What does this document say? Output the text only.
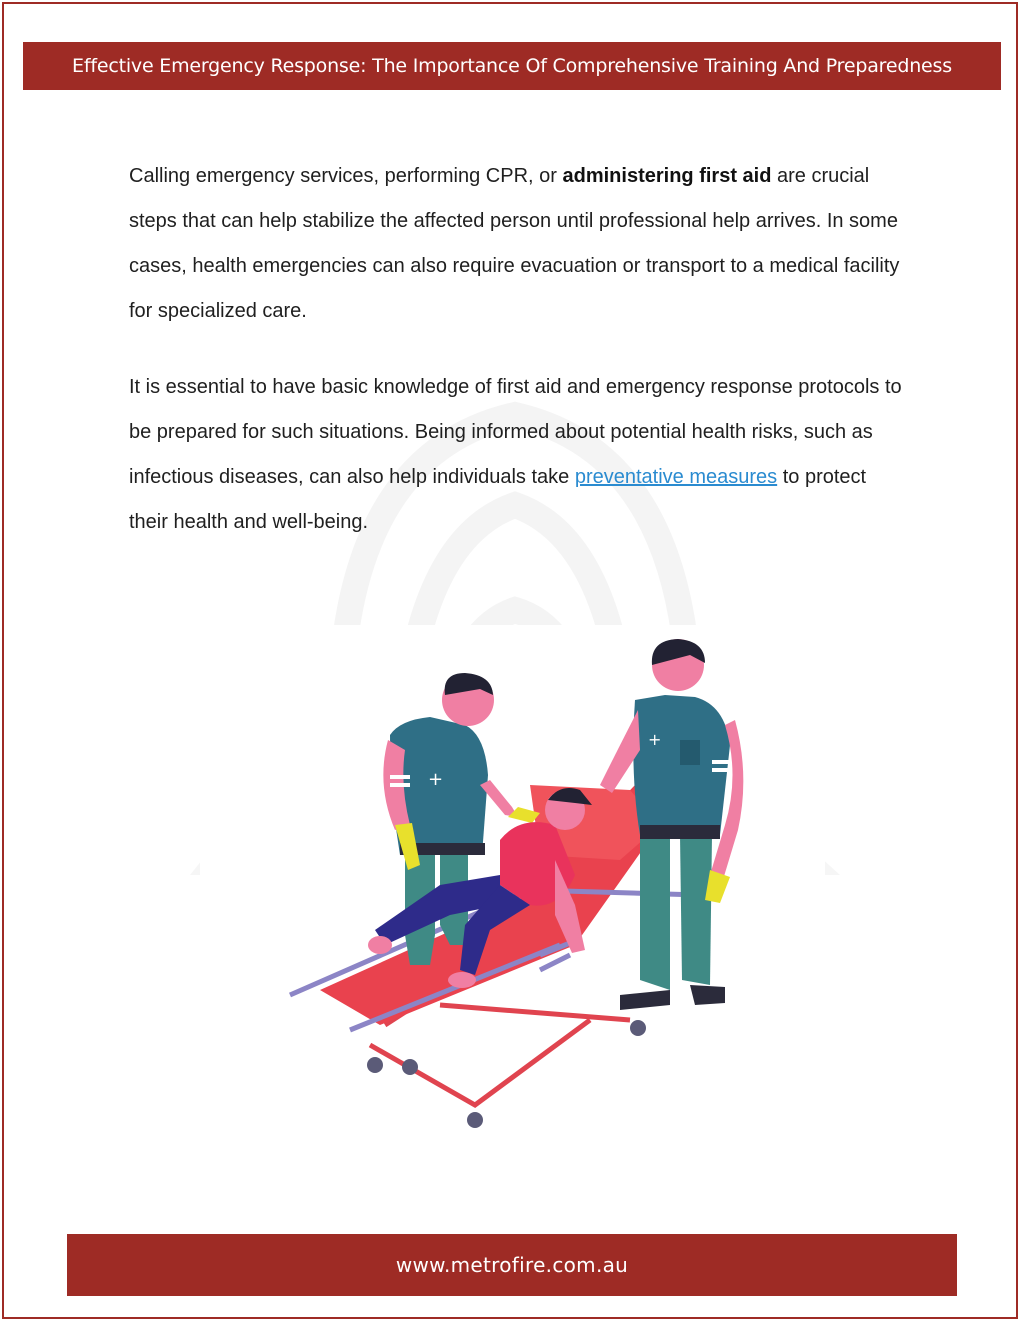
Effective Emergency Response: The Importance Of Comprehensive Training And Preparedness

Calling emergency services, performing CPR, or administering first aid are crucial steps that can help stabilize the affected person until professional help arrives. In some cases, health emergencies can also require evacuation or transport to a medical facility for specialized care.

It is essential to have basic knowledge of first aid and emergency response protocols to be prepared for such situations. Being informed about potential health risks, such as infectious diseases, can also help individuals take preventative measures to protect their health and well-being.

+
+
www.metrofire.com.au
